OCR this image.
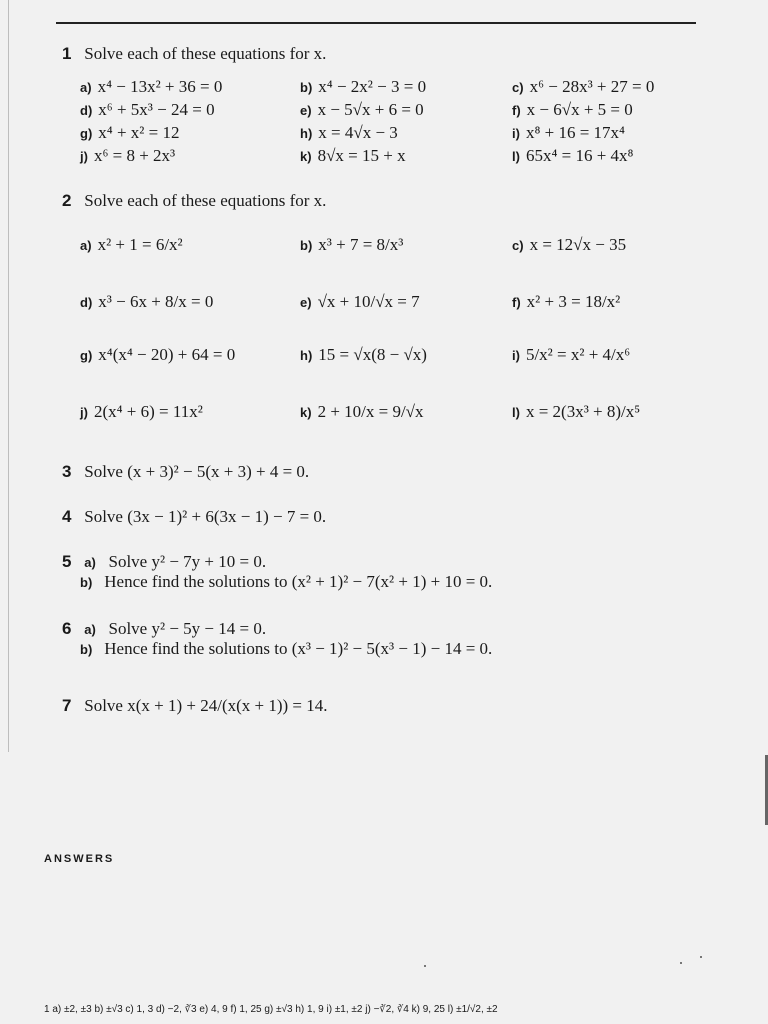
1 Solve each of these equations for x.
a) x⁴ − 13x² + 36 = 0	b) x⁴ − 2x² − 3 = 0	c) x⁶ − 28x³ + 27 = 0
d) x⁶ + 5x³ − 24 = 0	e) x − 5√x + 6 = 0	f) x − 6√x + 5 = 0
g) x⁴ + x² = 12	h) x = 4√x − 3	i) x⁸ + 16 = 17x⁴
j) x⁶ = 8 + 2x³	k) 8√x = 15 + x	l) 65x⁴ = 16 + 4x⁸
2 Solve each of these equations for x.
a) x² + 1 = 6/x²	b) x³ + 7 = 8/x³	c) x = 12√x − 35
d) x³ − 6x + 8/x = 0	e) √x + 10/√x = 7	f) x² + 3 = 18/x²
g) x⁴(x⁴ − 20) + 64 = 0	h) 15 = √x(8 − √x)	i) 5/x² = x² + 4/x⁶
j) 2(x⁴ + 6) = 11x²	k) 2 + 10/x = 9/√x	l) x = 2(3x³ + 8)/x⁵
3 Solve (x + 3)² − 5(x + 3) + 4 = 0.
4 Solve (3x − 1)² + 6(3x − 1) − 7 = 0.
5 a) Solve y² − 7y + 10 = 0.
b) Hence find the solutions to (x² + 1)² − 7(x² + 1) + 10 = 0.
6 a) Solve y² − 5y − 14 = 0.
b) Hence find the solutions to (x³ − 1)² − 5(x³ − 1) − 14 = 0.
7 Solve x(x + 1) + 24/(x(x + 1)) = 14.
ANSWERS
1 a) ±2, ±3 b) ±√3 c) 1, 3 d) −2, ∛3 e) 4, 9 f) 1, 25 g) ±√3 h) 1, 9 i) ±1, ±2 j) −∛2, ∛4 k) 9, 25 l) ±1/√2, ±2
